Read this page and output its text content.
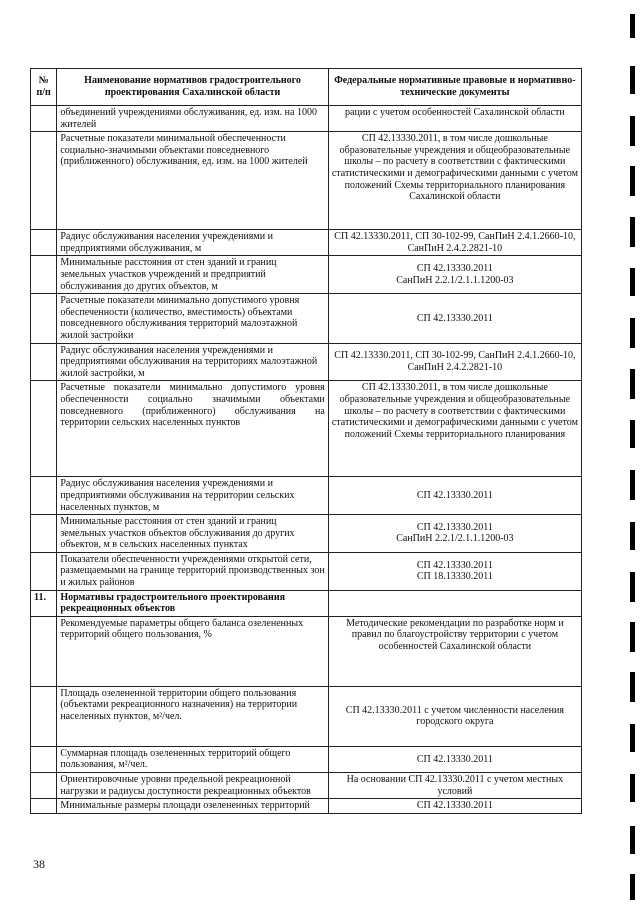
№ п/п	Наименование нормативов градостроительного проектирования Сахалинской области	Федеральные нормативные правовые и нормативно-технические документы
	объединений учреждениями обслуживания, ед. изм. на 1000 жителей	рации с учетом особенностей Сахалинской области
	Расчетные показатели минимальной обеспеченности социально-значимыми объектами повседневного (приближенного) обслуживания, ед. изм. на 1000 жителей	СП 42.13330.2011, в том числе дошкольные образовательные учреждения и общеобразовательные школы – по расчету в соответствии с фактическими статистическими и демографическими данными с учетом положений Схемы территориального планирования Сахалинской области
	Радиус обслуживания населения учреждениями и предприятиями обслуживания, м	СП 42.13330.2011, СП 30-102-99, СанПиН 2.4.1.2660-10, СанПиН 2.4.2.2821-10
	Минимальные расстояния от стен зданий и границ земельных участков учреждений и предприятий обслуживания до других объектов, м	СП 42.13330.2011
СанПиН 2.2.1/2.1.1.1200-03
	Расчетные показатели минимально допустимого уровня обеспеченности (количество, вместимость) объектами повседневного обслуживания территорий малоэтажной жилой застройки	СП 42.13330.2011
	Радиус обслуживания населения учреждениями и предприятиями обслуживания на территориях малоэтажной жилой застройки, м	СП 42.13330.2011, СП 30-102-99, СанПиН 2.4.1.2660-10, СанПиН 2.4.2.2821-10
	Расчетные показатели минимально допустимого уровня обеспеченности социально значимыми объектами повседневного (приближенного) обслуживания на территории сельских населенных пунктов	СП 42.13330.2011, в том числе дошкольные образовательные учреждения и общеобразовательные школы – по расчету в соответствии с фактическими статистическими и демографическими данными с учетом положений Схемы территориального планирования
	Радиус обслуживания населения учреждениями и предприятиями обслуживания на территории сельских населенных пунктов, м	СП 42.13330.2011
	Минимальные расстояния от стен зданий и границ земельных участков объектов обслуживания до других объектов, м в сельских населенных пунктах	СП 42.13330.2011
СанПиН 2.2.1/2.1.1.1200-03
	Показатели обеспеченности учреждениями открытой сети, размещаемыми на границе территорий производственных зон и жилых районов	СП 42.13330.2011
СП 18.13330.2011
11.	Нормативы градостроительного проектирования рекреационных объектов	
	Рекомендуемые параметры общего баланса озелененных территорий общего пользования, %	Методические рекомендации по разработке норм и правил по благоустройству территории с учетом особенностей Сахалинской области
	Площадь озелененной территории общего пользования (объектами рекреационного назначения) на территории населенных пунктов, м²/чел.	СП 42.13330.2011 с учетом численности населения городского округа
	Суммарная площадь озелененных территорий общего пользования, м²/чел.	СП 42.13330.2011
	Ориентировочные уровни предельной рекреационной нагрузки и радиусы доступности рекреационных объектов	На основании СП 42.13330.2011 с учетом местных условий
	Минимальные размеры площади озелененных территорий	СП 42.13330.2011
38
